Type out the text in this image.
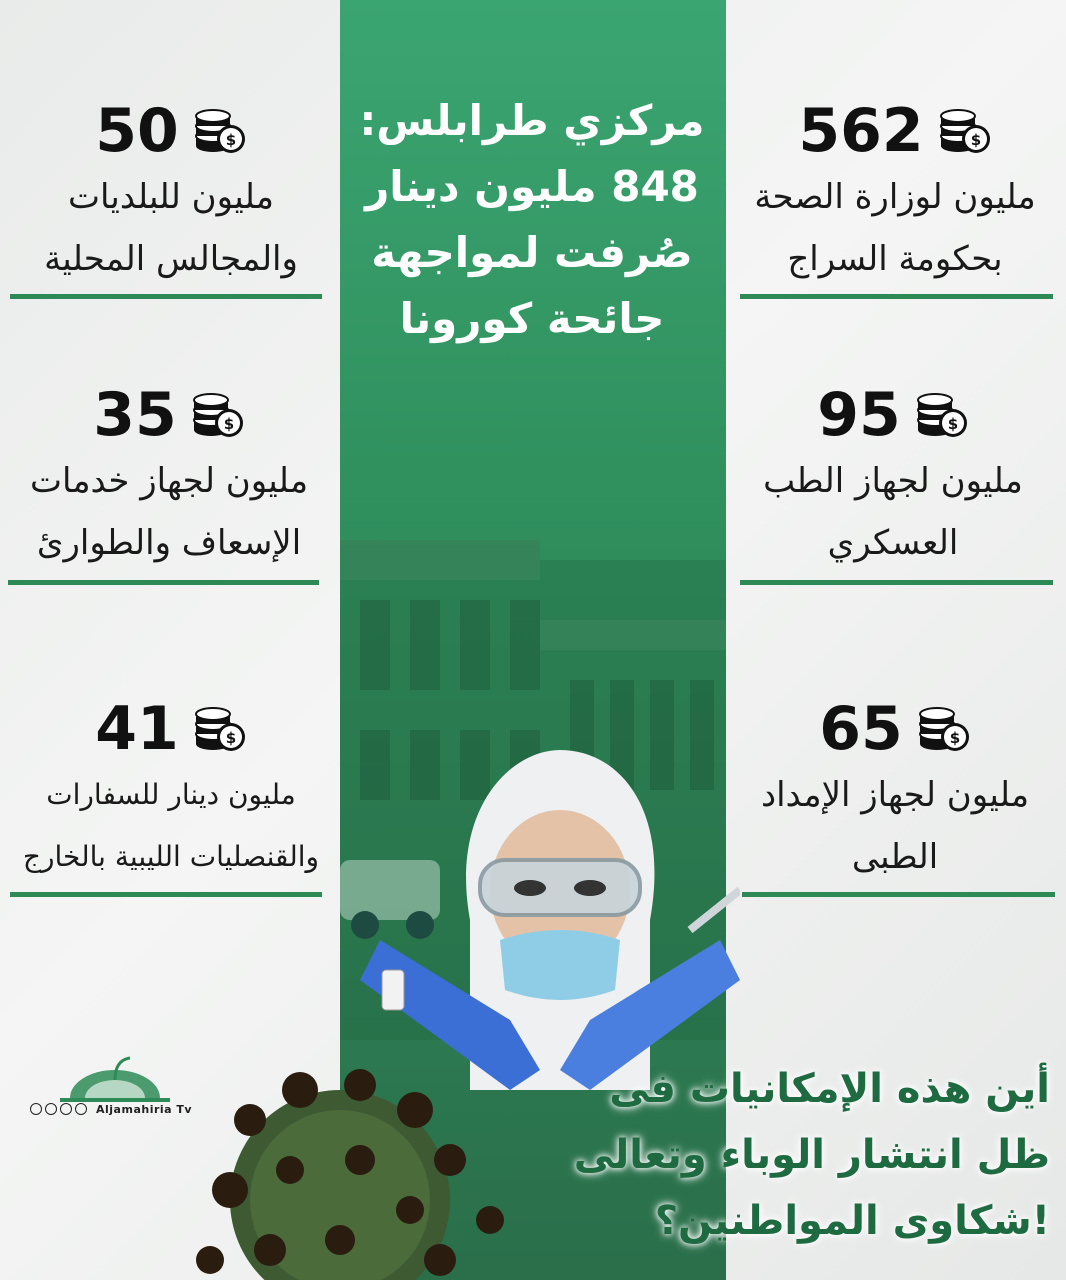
مركزي طرابلس:
848 مليون دينار
صُرفت لمواجهة
جائحة كورونا
562
مليون لوزارة الصحة
بحكومة السراج
50
مليون للبلديات
والمجالس المحلية
95
مليون لجهاز الطب
العسكري
35
مليون لجهاز خدمات
الإسعاف والطوارئ
65
مليون لجهاز الإمداد
الطبى
41
مليون دينار للسفارات
والقنصليات الليبية بالخارج
Aljamahiria Tv	أين هذه الإمكانيات فى
ظل انتشار الوباء وتعالى
!شكاوى المواطنين؟
